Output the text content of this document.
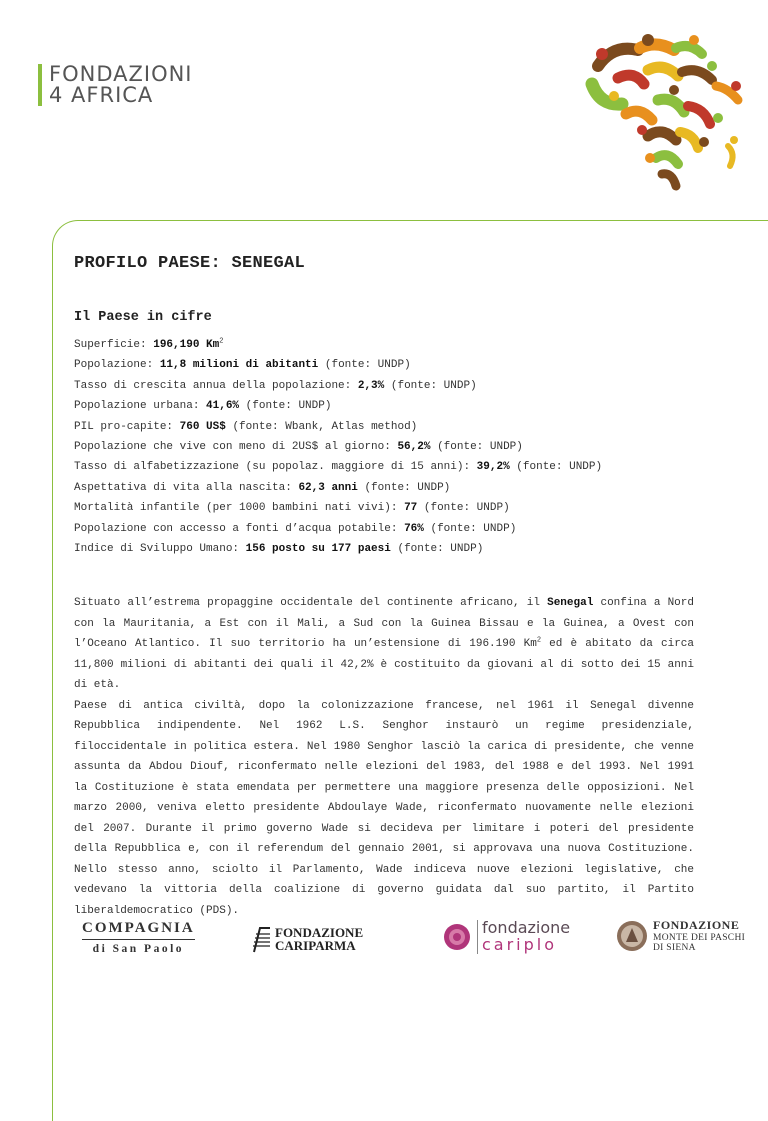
FONDAZIONI
4 AFRICA
PROFILO PAESE: SENEGAL
Il Paese in cifre
Superficie: 196,190 Km$^2$
Popolazione: 11,8 milioni di abitanti (fonte: UNDP)
Tasso di crescita annua della popolazione: 2,3% (fonte: UNDP)
Popolazione urbana: 41,6% (fonte: UNDP)
PIL pro-capite: 760 US$ (fonte: Wbank, Atlas method)
Popolazione che vive con meno di 2US$ al giorno: 56,2% (fonte: UNDP)
Tasso di alfabetizzazione (su popolaz. maggiore di 15 anni): 39,2% (fonte: UNDP)
Aspettativa di vita alla nascita: 62,3 anni (fonte: UNDP)
Mortalità infantile (per 1000 bambini nati vivi): 77 (fonte: UNDP)
Popolazione con accesso a fonti d’acqua potabile: 76% (fonte: UNDP)
Indice di Sviluppo Umano: 156 posto su 177 paesi (fonte: UNDP)

Situato all’estrema propaggine occidentale del continente africano, il Senegal confina a Nord con la Mauritania, a Est con il Mali, a Sud con la Guinea Bissau e la Guinea, a Ovest con l’Oceano Atlantico. Il suo territorio ha un’estensione di 196.190 Km$^2$ ed è abitato da circa 11,800 milioni di abitanti dei quali il 42,2% è costituito da giovani al di sotto dei 15 anni di età.
Paese di antica civiltà, dopo la colonizzazione francese, nel 1961 il Senegal divenne Repubblica indipendente. Nel 1962 L.S. Senghor instaurò un regime presidenziale, filoccidentale in politica estera. Nel 1980 Senghor lasciò la carica di presidente, che venne assunta da Abdou Diouf, riconfermato nelle elezioni del 1983, del 1988 e del 1993. Nel 1991 la Costituzione è stata emendata per permettere una maggiore presenza delle opposizioni. Nel marzo 2000, veniva eletto presidente Abdoulaye Wade, riconfermato nuovamente nelle elezioni del 2007. Durante il primo governo Wade si decideva per limitare i poteri del presidente della Repubblica e, con il referendum del gennaio 2001, si approvava una nuova Costituzione. Nello stesso anno, sciolto il Parlamento, Wade indiceva nuove elezioni legislative, che vedevano la vittoria della coalizione di governo guidata dal suo partito, il Partito liberaldemocratico (PDS).

COMPAGNIA
di San Paolo
FONDAZIONE
CARIPARMA
fondazione
cariplo
FONDAZIONE
MONTE DEI PASCHI
DI SIENA
